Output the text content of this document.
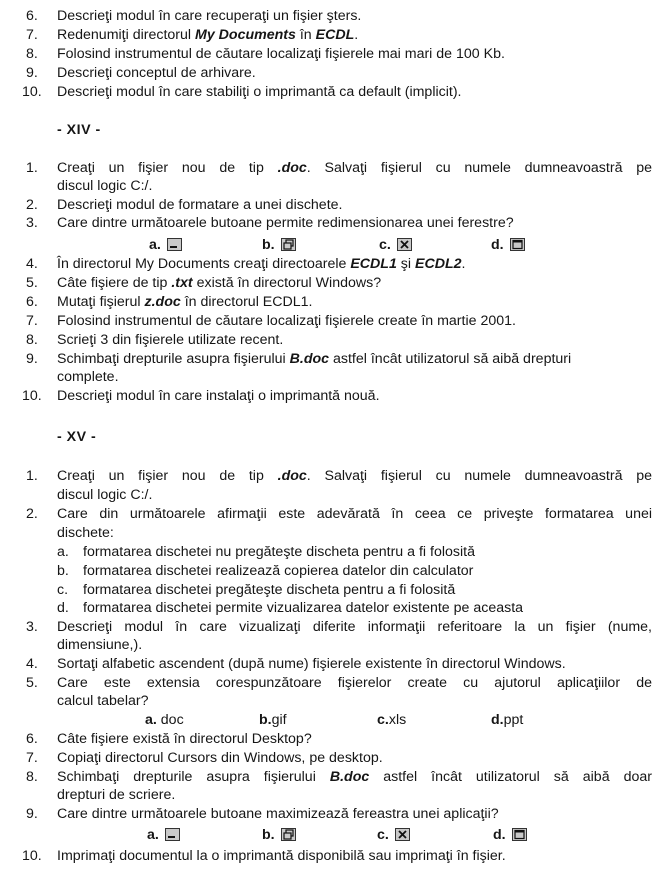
6.	Descrieţi modul în care recuperaţi un fişier şters.
7.	Redenumiţi directorul My Documents în ECDL.
8.	Folosind instrumentul de căutare localizaţi fişierele mai mari de 100 Kb.
9.	Descrieţi conceptul de arhivare.
10.	Descrieţi modul în care stabiliţi o imprimantă ca default (implicit).
- XIV -
1.	Creaţi un fişier nou de tip .doc. Salvaţi fişierul cu numele dumneavoastră pe
discul logic C:/.
2.	Descrieţi modul de formatare a unei dischete.
3.	Care dintre următoarele butoane permite redimensionarea unei ferestre?
a.	b.	c.	d.
4.	În directorul My Documents creaţi directoarele ECDL1 şi ECDL2.
5.	Câte fişiere de tip .txt există în directorul Windows?
6.	Mutaţi fişierul z.doc în directorul ECDL1.
7.	Folosind instrumentul de căutare localizaţi fişierele create în martie 2001.
8.	Scrieţi 3 din fişierele utilizate recent.
9.	Schimbaţi drepturile asupra fişierului B.doc astfel încât utilizatorul să aibă drepturi
complete.
10.	Descrieţi modul în care instalaţi o imprimantă nouă.
- XV -
1.	Creaţi un fişier nou de tip .doc. Salvaţi fişierul cu numele dumneavoastră pe
discul logic C:/.
2.	Care din următoarele afirmaţii este adevărată în ceea ce priveşte formatarea unei
dischete:
a. formatarea dischetei nu pregăteşte discheta pentru a fi folosită
b. formatarea dischetei realizează copierea datelor din calculator
c. formatarea dischetei pregăteşte discheta pentru a fi folosită
d. formatarea dischetei permite vizualizarea datelor existente pe aceasta
3.	Descrieţi modul în care vizualizaţi diferite informaţii referitoare la un fişier (nume,
dimensiune,).
4.	Sortaţi alfabetic ascendent (după nume) fişierele existente în directorul Windows.
5.	Care este extensia corespunzătoare fişierelor create cu ajutorul aplicaţiilor de
calcul tabelar?
a. doc	b.gif	c.xls	d.ppt
6.	Câte fişiere există în directorul Desktop?
7.	Copiaţi directorul Cursors din Windows, pe desktop.
8.	Schimbaţi drepturile asupra fişierului B.doc astfel încât utilizatorul să aibă doar
drepturi de scriere.
9.	Care dintre următoarele butoane maximizează fereastra unei aplicaţii?
a.	b.	c.	d.
10.	Imprimaţi documentul la o imprimantă disponibilă sau imprimaţi în fişier.
